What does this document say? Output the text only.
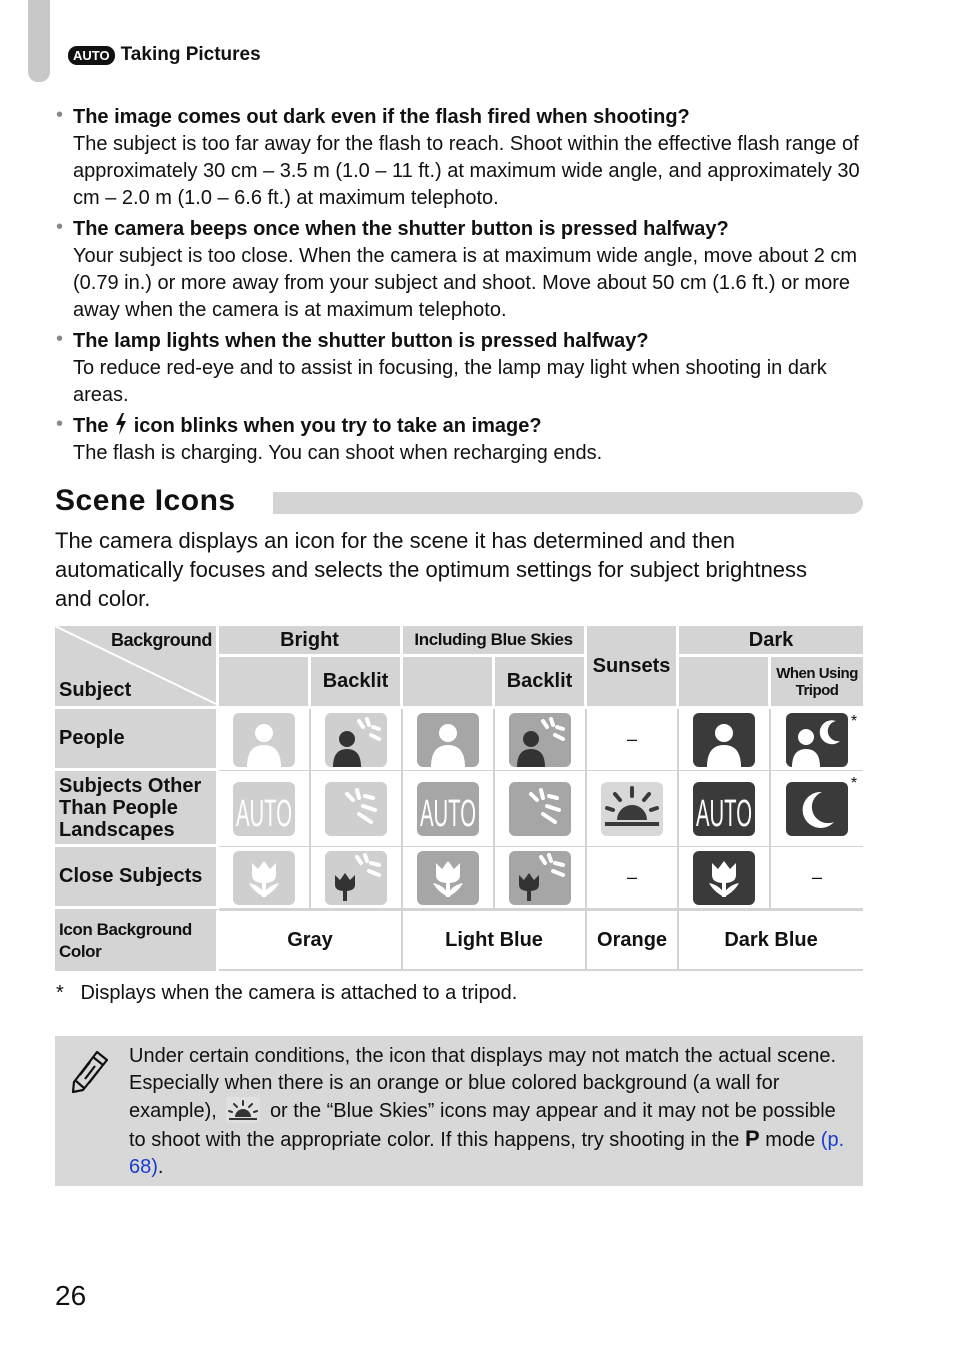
AUTO Taking Pictures
• The image comes out dark even if the flash fired when shooting?
The subject is too far away for the flash to reach. Shoot within the effective flash range of approximately 30 cm – 3.5 m (1.0 – 11 ft.) at maximum wide angle, and approximately 30 cm – 2.0 m (1.0 – 6.6 ft.) at maximum telephoto.
• The camera beeps once when the shutter button is pressed halfway?
Your subject is too close. When the camera is at maximum wide angle, move about 2 cm (0.79 in.) or more away from your subject and shoot. Move about 50 cm (1.6 ft.) or more away when the camera is at maximum telephoto.
• The lamp lights when the shutter button is pressed halfway?
To reduce red-eye and to assist in focusing, the lamp may light when shooting in dark areas.
• The icon blinks when you try to take an image?
The flash is charging. You can shoot when recharging ends.
Scene Icons
The camera displays an icon for the scene it has determined and then automatically focuses and selects the optimum settings for subject brightness and color.
Background
Subject	Bright		Including Blue Skies		Sunsets	Dark	
		Backlit		Backlit			When Using Tripod
People					–		*

Subjects Other Than People Landscapes	AUTO		AUTO			AUTO	*

Close Subjects					–		–
Icon Background Color	Gray		Light Blue		Orange	Dark Blue	
* Displays when the camera is attached to a tripod.
Under certain conditions, the icon that displays may not match the actual scene. Especially when there is an orange or blue colored background (a wall for example),	or the “Blue Skies” icons may appear and it may not be possible to shoot with the appropriate color. If this happens, try shooting in the P mode (p. 68).
26
